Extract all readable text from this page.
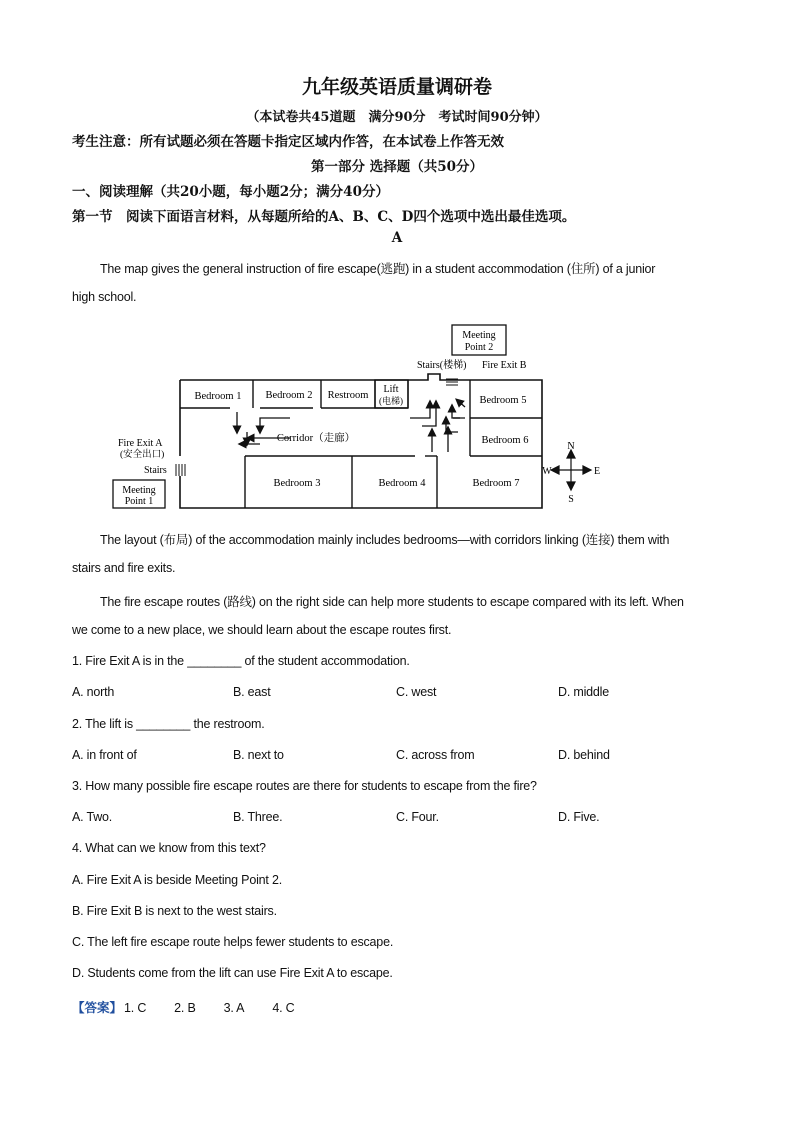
九年级英语质量调研卷
（本试卷共45道题　满分90分　考试时间90分钟）
考生注意：所有试题必须在答题卡指定区域内作答，在本试卷上作答无效
第一部分 选择题（共50分）
一、阅读理解（共20小题，每小题2分；满分40分）
第一节　阅读下面语言材料，从每题所给的A、B、C、D四个选项中选出最佳选项。
A
The map gives the general instruction of fire escape(逃跑) in a student accommodation (住所) of a junior
high school.
Meeting
Point 2
Stairs(楼梯) Fire Exit B
Bedroom 1 Bedroom 2 Restroom
Lift
(电梯)	Bedroom 5
Corridor（走廊）	Bedroom 6
Bedroom 3	Bedroom 4	Bedroom 7
Fire Exit A
(安全出口)
Stairs
Meeting
Point 1
N
S
W	E
The layout (布局) of the accommodation mainly includes bedrooms—with corridors linking (连接) them with
stairs and fire exits.
The fire escape routes (路线) on the right side can help more students to escape compared with its left. When
we come to a new place, we should learn about the escape routes first.
1. Fire Exit A is in the ________ of the student accommodation.
A. north	B. east	C. west	D. middle
2. The lift is ________ the restroom.
A. in front of	B. next to	C. across from	D. behind
3. How many possible fire escape routes are there for students to escape from the fire?
A. Two.	B. Three.	C. Four.	D. Five.
4. What can we know from this text?
A. Fire Exit A is beside Meeting Point 2.
B. Fire Exit B is next to the west stairs.
C. The left fire escape route helps fewer students to escape.
D. Students come from the lift can use Fire Exit A to escape.
【答案】 1. C 2. B 3. A 4. C
